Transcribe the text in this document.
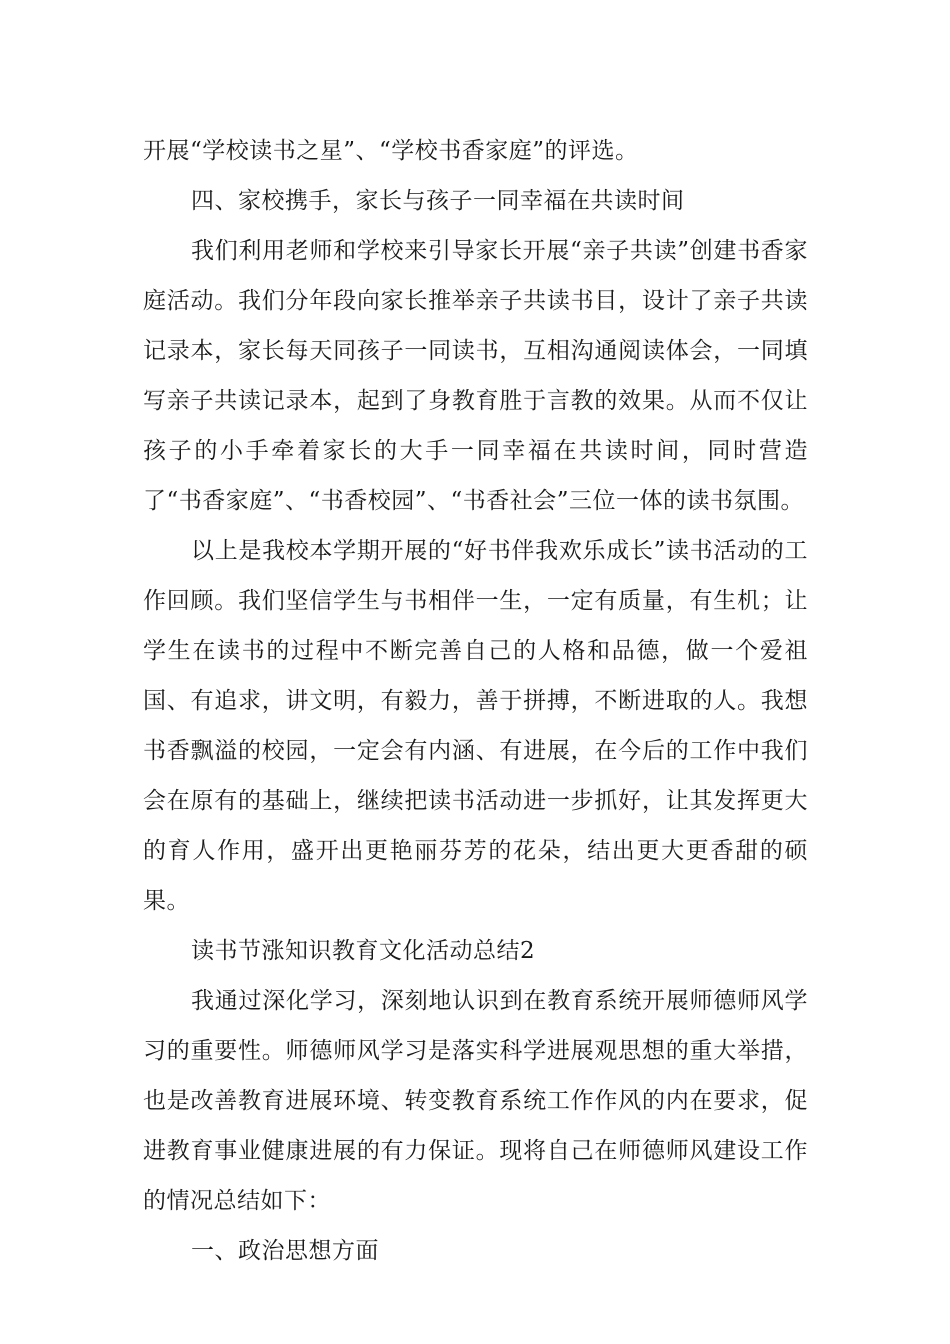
开展“学校读书之星”、“学校书香家庭”的评选。

四、家校携手，家长与孩子一同幸福在共读时间

我们利用老师和学校来引导家长开展“亲子共读”创建书香家庭活动。我们分年段向家长推举亲子共读书目，设计了亲子共读记录本，家长每天同孩子一同读书，互相沟通阅读体会，一同填写亲子共读记录本，起到了身教育胜于言教的效果。从而不仅让孩子的小手牵着家长的大手一同幸福在共读时间，同时营造了“书香家庭”、“书香校园”、“书香社会”三位一体的读书氛围。

以上是我校本学期开展的“好书伴我欢乐成长”读书活动的工作回顾。我们坚信学生与书相伴一生，一定有质量，有生机；让学生在读书的过程中不断完善自己的人格和品德，做一个爱祖国、有追求，讲文明，有毅力，善于拼搏，不断进取的人。我想书香飘溢的校园，一定会有内涵、有进展，在今后的工作中我们会在原有的基础上，继续把读书活动进一步抓好，让其发挥更大的育人作用，盛开出更艳丽芬芳的花朵，结出更大更香甜的硕果。

读书节涨知识教育文化活动总结2

我通过深化学习，深刻地认识到在教育系统开展师德师风学习的重要性。师德师风学习是落实科学进展观思想的重大举措，也是改善教育进展环境、转变教育系统工作作风的内在要求，促进教育事业健康进展的有力保证。现将自己在师德师风建设工作的情况总结如下：

一、政治思想方面
